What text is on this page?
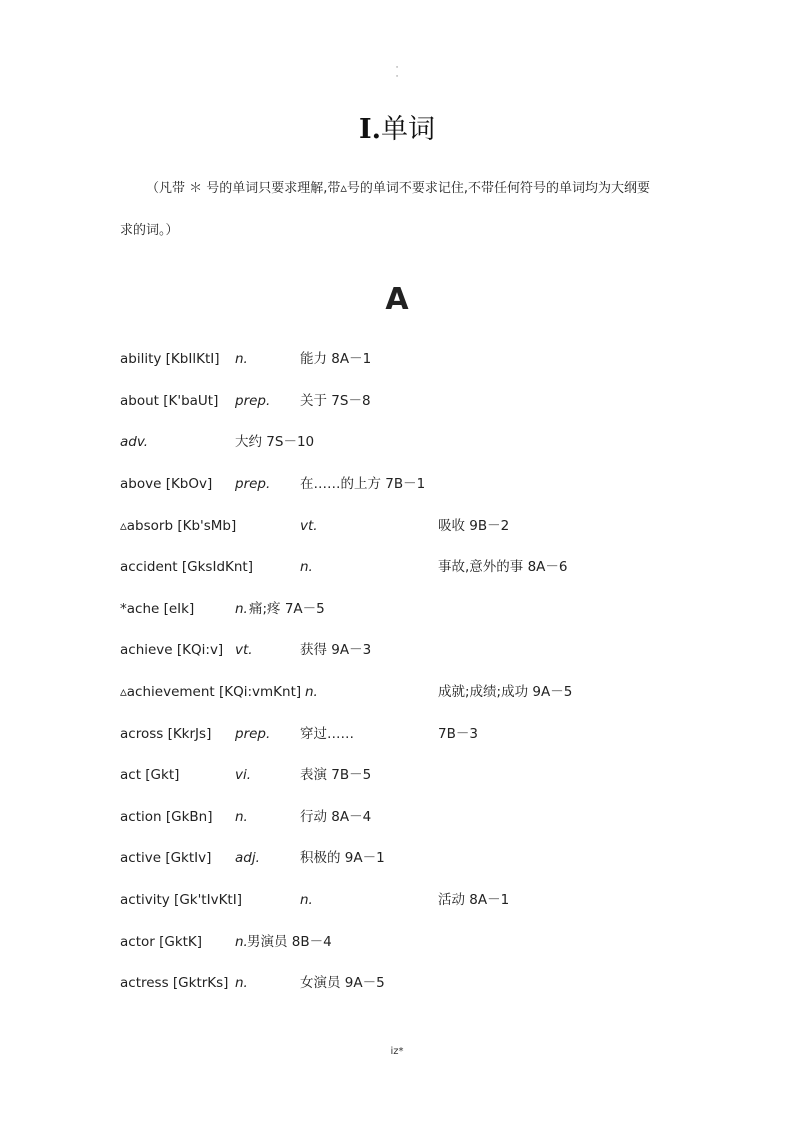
·
·
I.单词
（凡带 ＊ 号的单词只要求理解,带▵号的单词不要求记住,不带任何符号的单词均为大纲要
求的词。）
A
ability [KbIlKtI] n.	能力 8A－1
about [K'baUt] prep. 关于 7S－8
adv.	大约 7S－10
above [KbOv] prep. 在……的上方 7B－1
▵absorb [Kb'sMb]	vt.	吸收 9B－2
accident [GksIdKnt]	n.	事故,意外的事 8A－6
*ache [eIk]	n. 痛;疼 7A－5
achieve [KQi:v] vt.	获得 9A－3
▵achievement [KQi:vmKnt] n.	成就;成绩;成功 9A－5
across [KkrJs] prep. 穿过……	7B－3
act [Gkt]	vi.	表演 7B－5
action [GkBn] n.	行动 8A－4
active [GktIv] adj.	积极的 9A－1
activity [Gk'tIvKtI]	n.	活动 8A－1
actor [GktK] n. 男演员 8B－4
actress [GktrKs] n.	女演员 9A－5
iz*
